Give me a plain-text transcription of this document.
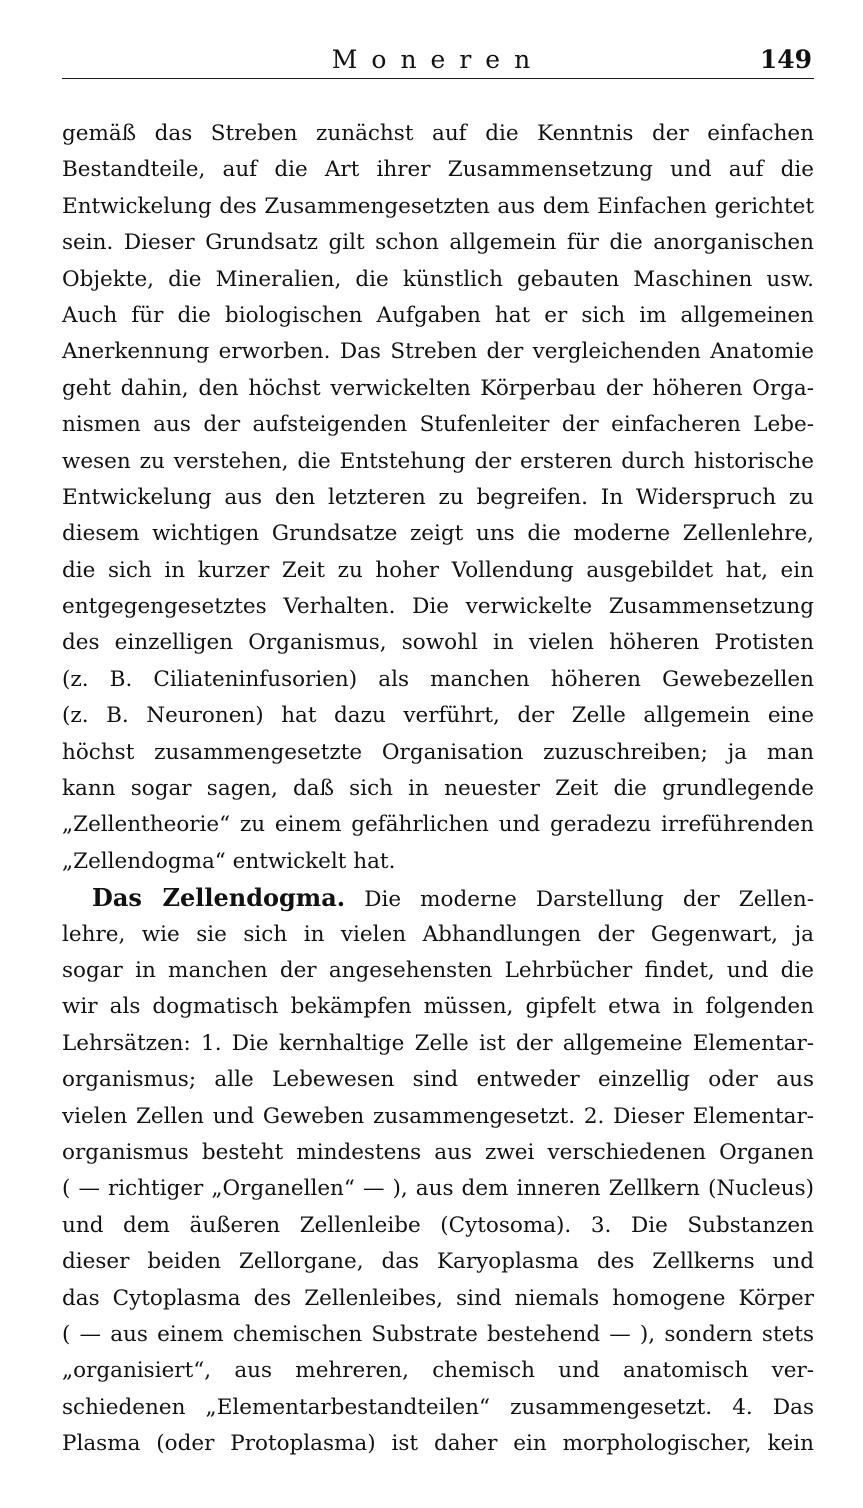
Moneren	149
gemäß das Streben zunächst auf die Kenntnis der einfachen
Bestandteile, auf die Art ihrer Zusammensetzung und auf die
Entwickelung des Zusammengesetzten aus dem Einfachen gerichtet
sein. Dieser Grundsatz gilt schon allgemein für die anorganischen
Objekte, die Mineralien, die künstlich gebauten Maschinen usw.
Auch für die biologischen Aufgaben hat er sich im allgemeinen
Anerkennung erworben. Das Streben der vergleichenden Anatomie
geht dahin, den höchst verwickelten Körperbau der höheren Orga-
nismen aus der aufsteigenden Stufenleiter der einfacheren Lebe-
wesen zu verstehen, die Entstehung der ersteren durch historische
Entwickelung aus den letzteren zu begreifen. In Widerspruch zu
diesem wichtigen Grundsatze zeigt uns die moderne Zellenlehre,
die sich in kurzer Zeit zu hoher Vollendung ausgebildet hat, ein
entgegengesetztes Verhalten. Die verwickelte Zusammensetzung
des einzelligen Organismus, sowohl in vielen höheren Protisten
(z. B. Ciliateninfusorien) als manchen höheren Gewebezellen
(z. B. Neuronen) hat dazu verführt, der Zelle allgemein eine
höchst zusammengesetzte Organisation zuzuschreiben; ja man
kann sogar sagen, daß sich in neuester Zeit die grundlegende
„Zellentheorie“ zu einem gefährlichen und geradezu irreführenden
„Zellendogma“ entwickelt hat.
Das Zellendogma. Die moderne Darstellung der Zellen-
lehre, wie sie sich in vielen Abhandlungen der Gegenwart, ja
sogar in manchen der angesehensten Lehrbücher findet, und die
wir als dogmatisch bekämpfen müssen, gipfelt etwa in folgenden
Lehrsätzen: 1. Die kernhaltige Zelle ist der allgemeine Elementar-
organismus; alle Lebewesen sind entweder einzellig oder aus
vielen Zellen und Geweben zusammengesetzt. 2. Dieser Elementar-
organismus besteht mindestens aus zwei verschiedenen Organen
( — richtiger „Organellen“ — ), aus dem inneren Zellkern (Nucleus)
und dem äußeren Zellenleibe (Cytosoma). 3. Die Substanzen
dieser beiden Zellorgane, das Karyoplasma des Zellkerns und
das Cytoplasma des Zellenleibes, sind niemals homogene Körper
( — aus einem chemischen Substrate bestehend — ), sondern stets
„organisiert“, aus mehreren, chemisch und anatomisch ver-
schiedenen „Elementarbestandteilen“ zusammengesetzt. 4. Das
Plasma (oder Protoplasma) ist daher ein morphologischer, kein
